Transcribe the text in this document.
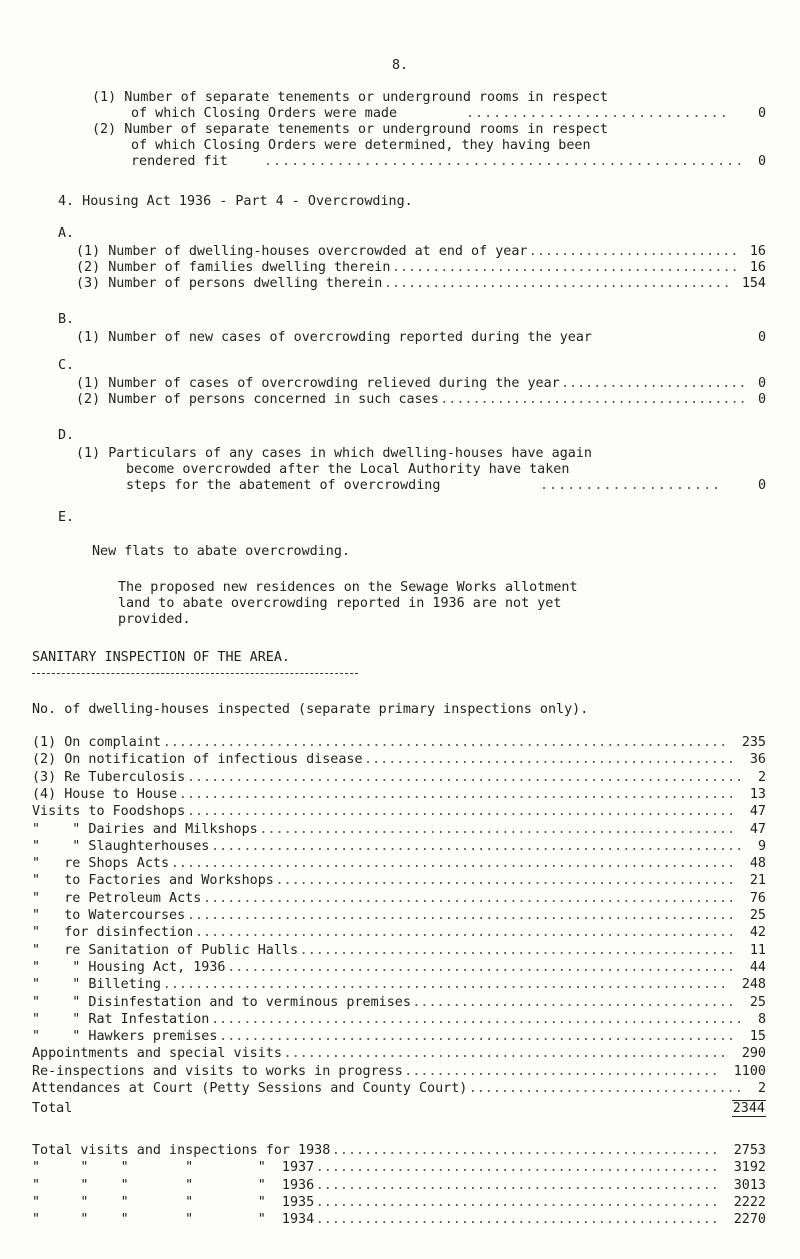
8.
(1) Number of separate tenements or underground rooms in respect
of which Closing Orders were made	.............................	0
(2) Number of separate tenements or underground rooms in respect
of which Closing Orders were determined, they having been
rendered fit	.....................................................	0
4. Housing Act 1936 - Part 4 - Overcrowding.
A.
(1) Number of dwelling-houses overcrowded at end of year .......................... 16
(2) Number of families dwelling therein ........................................... 16
(3) Number of persons dwelling therein ........................................... 154
B.
(1) Number of new cases of overcrowding reported during the year	0
C.
(1) Number of cases of overcrowding relieved during the year ....................... 0
(2) Number of persons concerned in such cases ...................................... 0
D.
(1) Particulars of any cases in which dwelling-houses have again
become overcrowded after the Local Authority have taken
steps for the abatement of overcrowding	....................	0
E.
New flats to abate overcrowding.
The proposed new residences on the Sewage Works allotment
land to abate overcrowding reported in 1936 are not yet
provided.
SANITARY INSPECTION OF THE AREA.
No. of dwelling-houses inspected (separate primary inspections only).
(1) On complaint ......................................................................	235
(2) On notification of infectious disease ..............................................	36
(3) Re Tuberculosis .....................................................................	2
(4) House to House .....................................................................	13
Visits to Foodshops ....................................................................	47
"    " Dairies and Milkshops ...........................................................	47
"    " Slaughterhouses ..................................................................	9
"   re Shops Acts ......................................................................	48
"   to Factories and Workshops .........................................................	21
"   re Petroleum Acts ..................................................................	76
"   to Watercourses ....................................................................	25
"   for disinfection ...................................................................	42
"   re Sanitation of Public Halls ......................................................	11
"    " Housing Act, 1936 ...............................................................	44
"    " Billeting ......................................................................	248
"    " Disinfestation and to verminous premises ........................................	25
"    " Rat Infestation ..................................................................	8
"    " Hawkers premises ................................................................	15
Appointments and special visits .......................................................	290
Re-inspections and visits to works in progress .......................................	1100
Attendances at Court (Petty Sessions and County Court) ..................................	2
Total	2344
Total visits and inspections for 1938 ................................................	2753
"     "    "       "        "  1937 ..................................................	3192
"     "    "       "        "  1936 ..................................................	3013
"     "    "       "        "  1935 ..................................................	2222
"     "    "       "        "  1934 ..................................................	2270
